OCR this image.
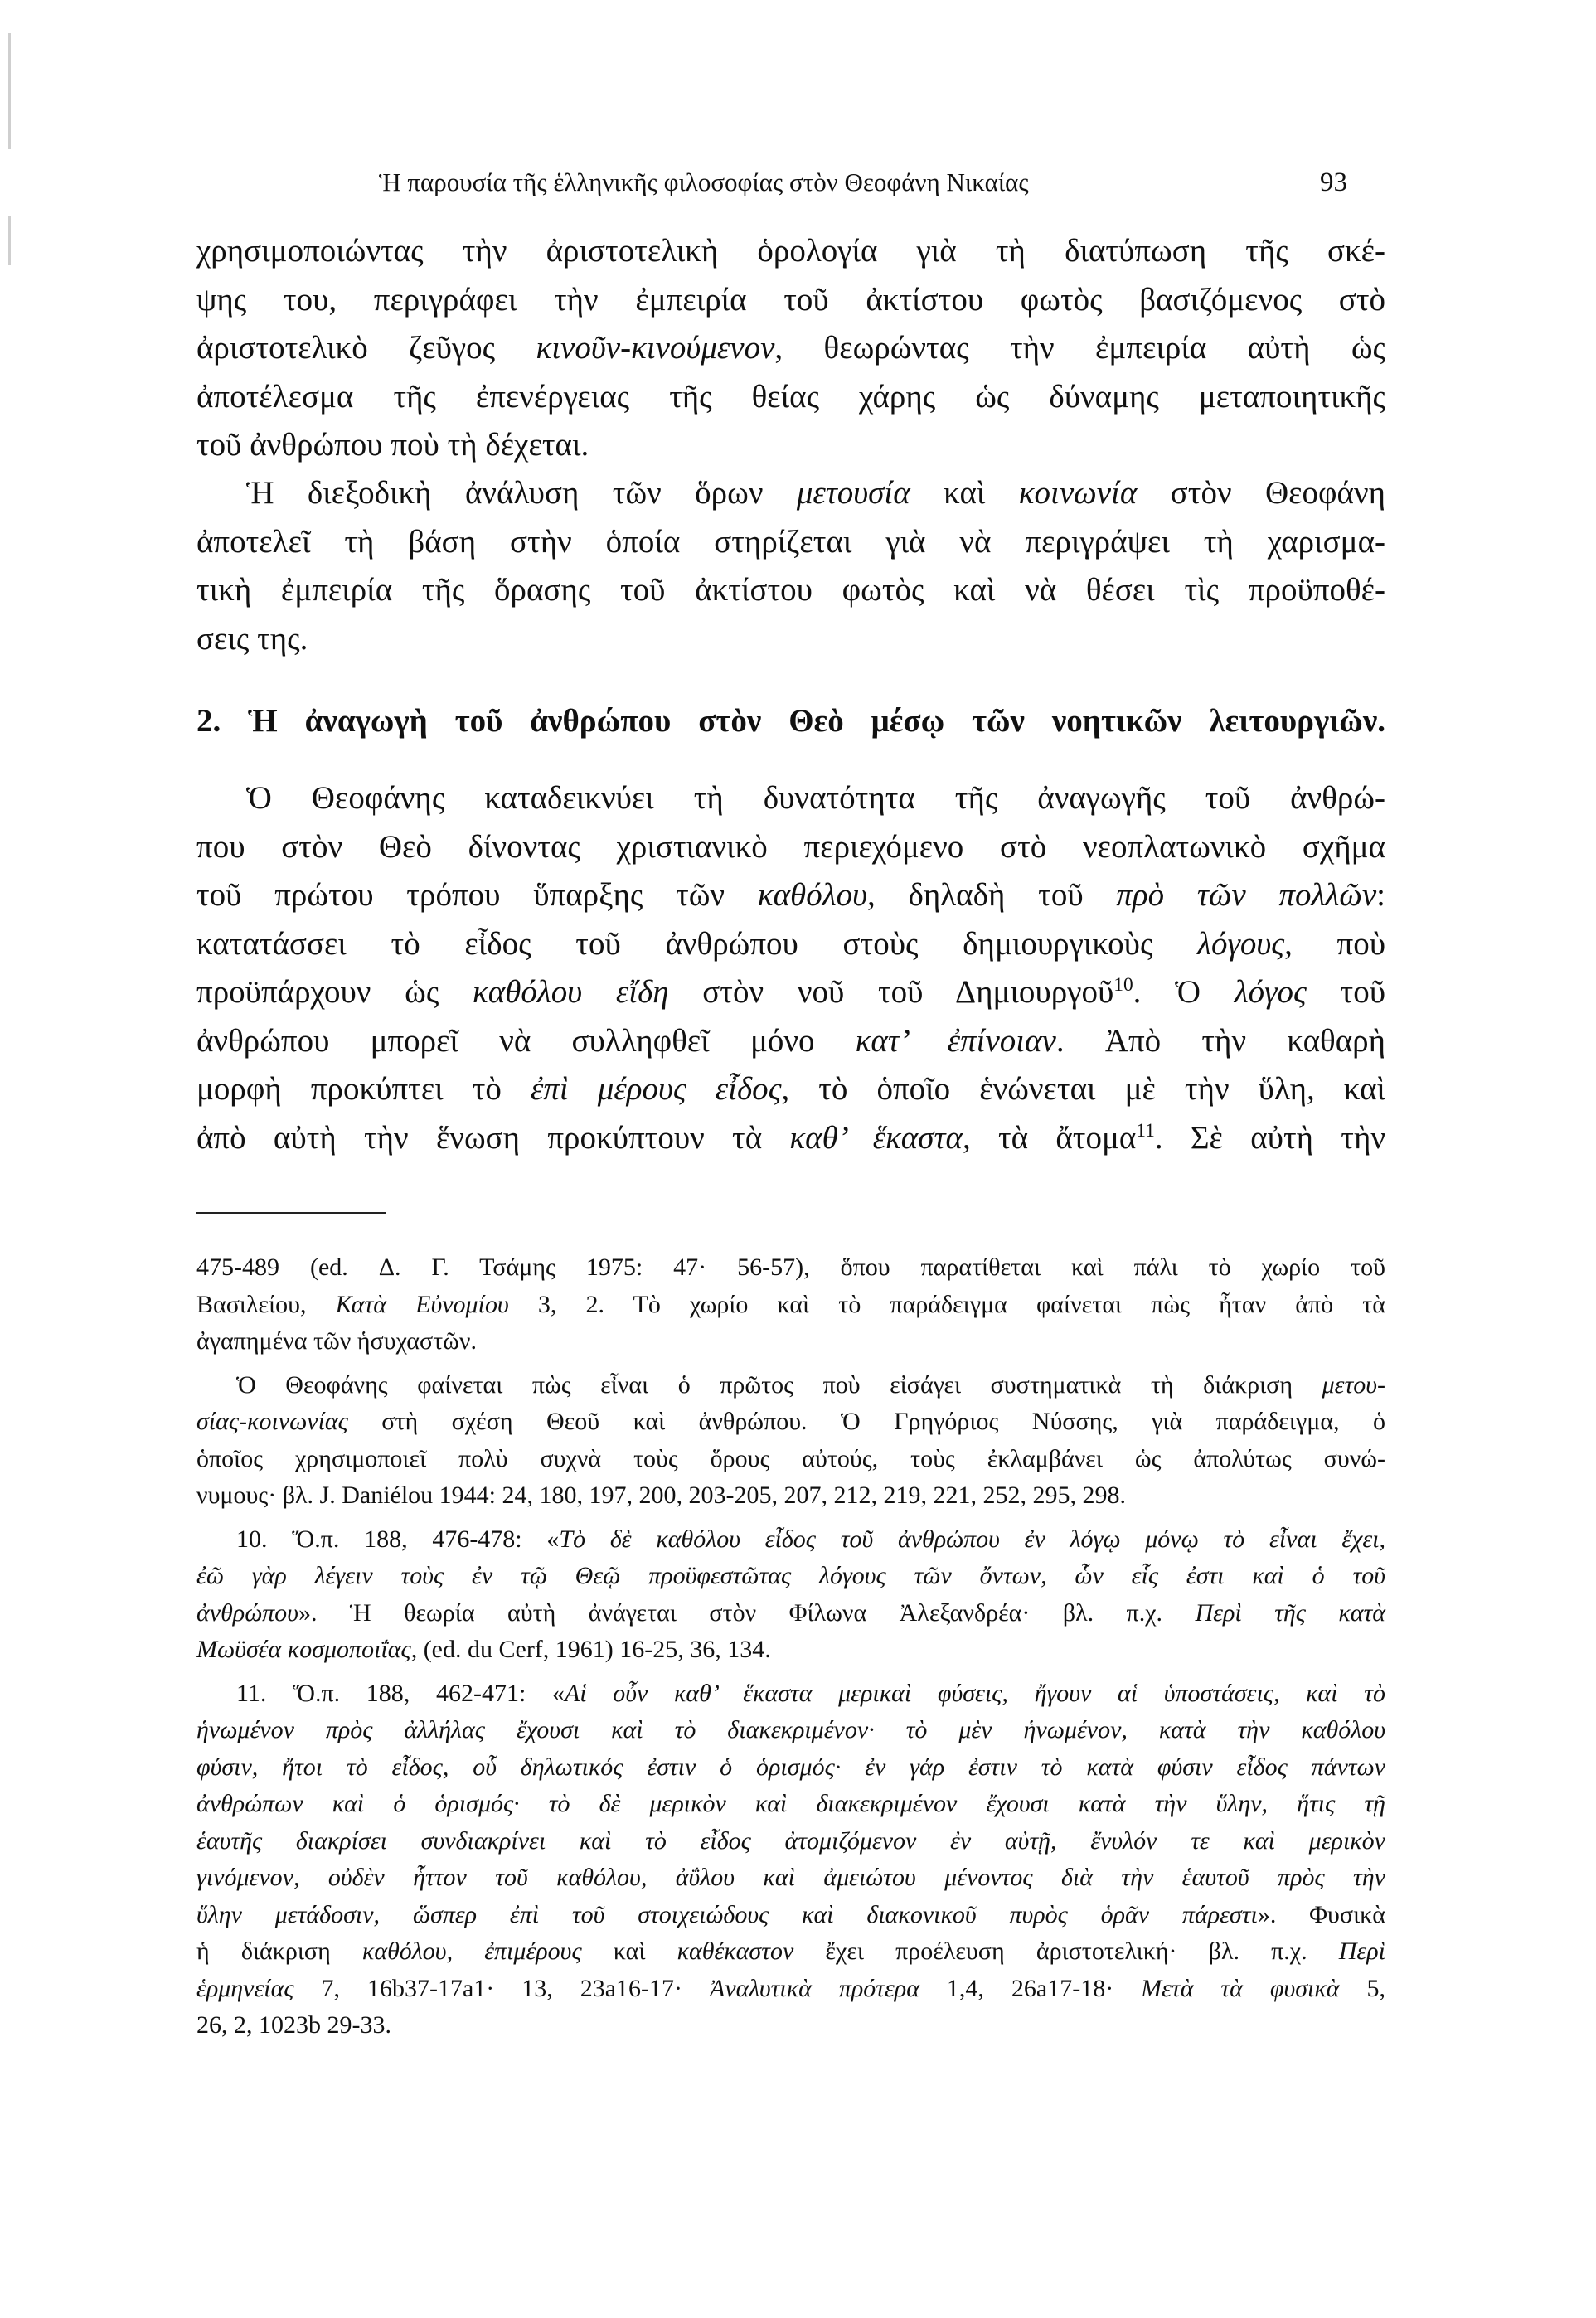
Ἡ παρουσία τῆς ἑλληνικῆς φιλοσοφίας στὸν Θεοφάνη Νικαίας	93
χρησιμοποιώντας τὴν ἀριστοτελικὴ ὁρολογία γιὰ τὴ διατύπωση τῆς σκέ-
ψης του, περιγράφει τὴν ἐμπειρία τοῦ ἀκτίστου φωτὸς βασιζόμενος στὸ
ἀριστοτελικὸ ζεῦγος κινοῦν-κινούμενον, θεωρώντας τὴν ἐμπειρία αὐτὴ ὡς
ἀποτέλεσμα τῆς ἐπενέργειας τῆς θείας χάρης ὡς δύναμης μεταποιητικῆς
τοῦ ἀνθρώπου ποὺ τὴ δέχεται.
Ἡ διεξοδικὴ ἀνάλυση τῶν ὅρων μετουσία καὶ κοινωνία στὸν Θεοφάνη
ἀποτελεῖ τὴ βάση στὴν ὁποία στηρίζεται γιὰ νὰ περιγράψει τὴ χαρισμα-
τικὴ ἐμπειρία τῆς ὅρασης τοῦ ἀκτίστου φωτὸς καὶ νὰ θέσει τὶς προϋποθέ-
σεις της.
2. Ἡ ἀναγωγὴ τοῦ ἀνθρώπου στὸν Θεὸ μέσῳ τῶν νοητικῶν λειτουργιῶν.
Ὁ Θεοφάνης καταδεικνύει τὴ δυνατότητα τῆς ἀναγωγῆς τοῦ ἀνθρώ-
που στὸν Θεὸ δίνοντας χριστιανικὸ περιεχόμενο στὸ νεοπλατωνικὸ σχῆμα
τοῦ πρώτου τρόπου ὕπαρξης τῶν καθόλου, δηλαδὴ τοῦ πρὸ τῶν πολλῶν:
κατατάσσει τὸ εἶδος τοῦ ἀνθρώπου στοὺς δημιουργικοὺς λόγους, ποὺ
προϋπάρχουν ὡς καθόλου εἴδη στὸν νοῦ τοῦ Δημιουργοῦ$^{10}$. Ὁ λόγος τοῦ
ἀνθρώπου μπορεῖ νὰ συλληφθεῖ μόνο κατ’ ἐπίνοιαν. Ἀπὸ τὴν καθαρὴ
μορφὴ προκύπτει τὸ ἐπὶ μέρους εἶδος, τὸ ὁποῖο ἑνώνεται μὲ τὴν ὕλη, καὶ
ἀπὸ αὐτὴ τὴν ἕνωση προκύπτουν τὰ καθ’ ἕκαστα, τὰ ἄτομα$^{11}$. Σὲ αὐτὴ τὴν
475-489 (ed. Δ. Γ. Τσάμης 1975: 47· 56-57), ὅπου παρατίθεται καὶ πάλι τὸ χωρίο τοῦ
Βασιλείου, Κατὰ Εὐνομίου 3, 2. Τὸ χωρίο καὶ τὸ παράδειγμα φαίνεται πὼς ἦταν ἀπὸ τὰ
ἀγαπημένα τῶν ἡσυχαστῶν.
Ὁ Θεοφάνης φαίνεται πὼς εἶναι ὁ πρῶτος ποὺ εἰσάγει συστηματικὰ τὴ διάκριση μετου-
σίας-κοινωνίας στὴ σχέση Θεοῦ καὶ ἀνθρώπου. Ὁ Γρηγόριος Νύσσης, γιὰ παράδειγμα, ὁ
ὁποῖος χρησιμοποιεῖ πολὺ συχνὰ τοὺς ὅρους αὐτούς, τοὺς ἐκλαμβάνει ὡς ἀπολύτως συνώ-
νυμους· βλ. J. Daniélou 1944: 24, 180, 197, 200, 203-205, 207, 212, 219, 221, 252, 295, 298.
10. Ὅ.π. 188, 476-478: «Τὸ δὲ καθόλου εἶδος τοῦ ἀνθρώπου ἐν λόγῳ μόνῳ τὸ εἶναι ἔχει,
ἐῶ γὰρ λέγειν τοὺς ἐν τῷ Θεῷ προϋφεστῶτας λόγους τῶν ὄντων, ὧν εἷς ἐστι καὶ ὁ τοῦ
ἀνθρώπου». Ἡ θεωρία αὐτὴ ἀνάγεται στὸν Φίλωνα Ἀλεξανδρέα· βλ. π.χ. Περὶ τῆς κατὰ
Μωϋσέα κοσμοποιΐας, (ed. du Cerf, 1961) 16-25, 36, 134.
11. Ὅ.π. 188, 462-471: «Αἱ οὖν καθ’ ἕκαστα μερικαὶ φύσεις, ἤγουν αἱ ὑποστάσεις, καὶ τὸ
ἡνωμένον πρὸς ἀλλήλας ἔχουσι καὶ τὸ διακεκριμένον· τὸ μὲν ἡνωμένον, κατὰ τὴν καθόλου
φύσιν, ἤτοι τὸ εἶδος, οὗ δηλωτικός ἐστιν ὁ ὁρισμός· ἐν γάρ ἐστιν τὸ κατὰ φύσιν εἶδος πάντων
ἀνθρώπων καὶ ὁ ὁρισμός· τὸ δὲ μερικὸν καὶ διακεκριμένον ἔχουσι κατὰ τὴν ὕλην, ἥτις τῇ
ἑαυτῆς διακρίσει συνδιακρίνει καὶ τὸ εἶδος ἀτομιζόμενον ἐν αὐτῇ, ἔνυλόν τε καὶ μερικὸν
γινόμενον, οὐδὲν ἧττον τοῦ καθόλου, ἀΰλου καὶ ἀμειώτου μένοντος διὰ τὴν ἑαυτοῦ πρὸς τὴν
ὕλην μετάδοσιν, ὥσπερ ἐπὶ τοῦ στοιχειώδους καὶ διακονικοῦ πυρὸς ὁρᾶν πάρεστι». Φυσικὰ
ἡ διάκριση καθόλου, ἐπιμέρους καὶ καθέκαστον ἔχει προέλευση ἀριστοτελική· βλ. π.χ. Περὶ
ἑρμηνείας 7, 16b37-17a1· 13, 23a16-17· Ἀναλυτικὰ πρότερα 1,4, 26a17-18· Μετὰ τὰ φυσικὰ 5,
26, 2, 1023b 29-33.
